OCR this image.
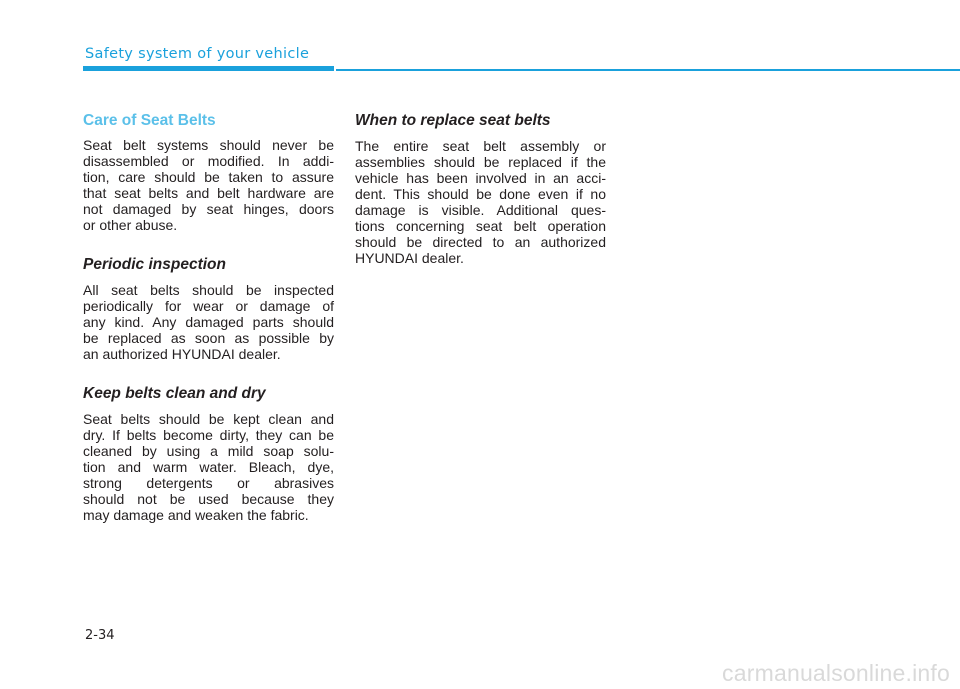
Safety system of your vehicle
Care of Seat Belts
Seat belt systems should never be
disassembled or modified. In addi-
tion, care should be taken to assure
that seat belts and belt hardware are
not damaged by seat hinges, doors
or other abuse.
Periodic inspection
All seat belts should be inspected
periodically for wear or damage of
any kind. Any damaged parts should
be replaced as soon as possible by
an authorized HYUNDAI dealer.
Keep belts clean and dry
Seat belts should be kept clean and
dry. If belts become dirty, they can be
cleaned by using a mild soap solu-
tion and warm water. Bleach, dye,
strong detergents or abrasives
should not be used because they
may damage and weaken the fabric.
When to replace seat belts
The entire seat belt assembly or
assemblies should be replaced if the
vehicle has been involved in an acci-
dent. This should be done even if no
damage is visible. Additional ques-
tions concerning seat belt operation
should be directed to an authorized
HYUNDAI dealer.
2-34
carmanualsonline.info
